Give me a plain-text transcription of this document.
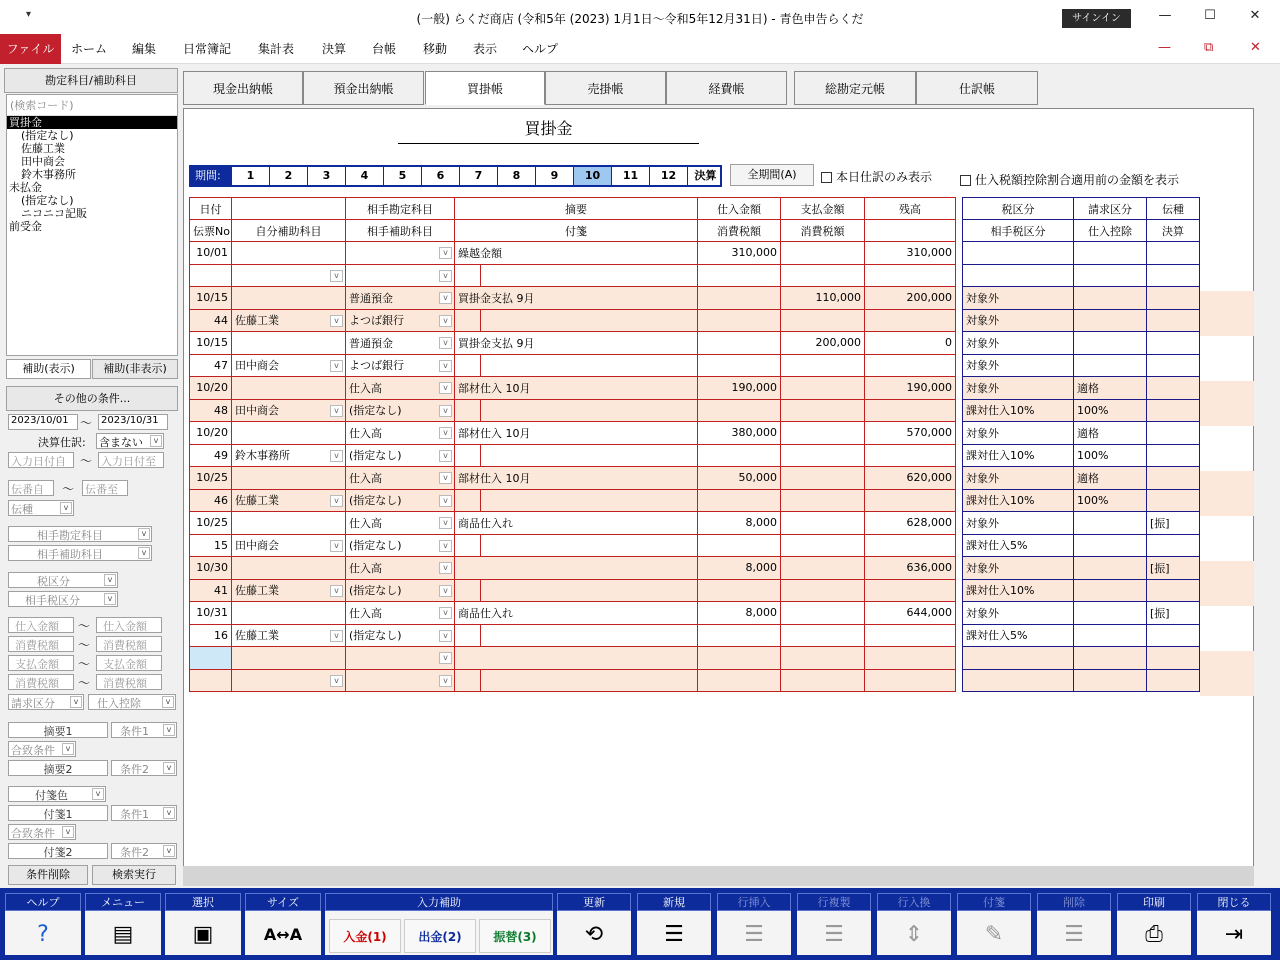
▾	(一般) らくだ商店 (令和5年 (2023) 1月1日～令和5年12月31日) - 青色申告らくだ	サインイン	—	☐	✕
ファイル	ホーム	編集	日常簿記	集計表	決算	台帳	移動	表示	ヘルプ	—	⧉	✕
勘定科目/補助科目
(検索コード)
買掛金
(指定なし)
佐藤工業
田中商会
鈴木事務所
未払金
(指定なし)
ニコニコ記販
前受金
補助(表示)	補助(非表示)
その他の条件...
2023/10/01 ～ 2023/10/31
決算仕訳: 含まない	v
入力日付自	～ 入力日付至
伝番自	～ 伝番至
伝種	v
相手勘定科目	v
相手補助科目	v
税区分	v
相手税区分	v
仕入金額	～	仕入金額
消費税額	～	消費税額
支払金額	～	支払金額
消費税額	～	消費税額
請求区分	v	仕入控除	v
摘要1	条件1	v
合致条件	v
摘要2	条件2	v
付箋色	v
付箋1	条件1	v
合致条件	v
付箋2	条件2	v
条件削除	検索実行
現金出納帳	預金出納帳	買掛帳	売掛帳	経費帳	総勘定元帳	仕訳帳
買掛金
期間:	1	2	3	4	5	6	7	8	9	10	11	12	決算	全期間(A)	本日仕訳のみ表示	仕入税額控除割合適用前の金額を表示
日付		相手勘定科目	摘要		仕入金額	支払金額	残高
伝票No	自分補助科目	相手補助科目	付箋		消費税額	消費税額	
10/01		v	繰越金額		310,000		310,000

	v	v					

10/15		普通預金 v	買掛金支払 9月			110,000	200,000
44	佐藤工業 v	よつば銀行 v					

10/15		普通預金 v	買掛金支払 9月			200,000	0
47	田中商会 v	よつば銀行 v					

10/20		仕入高 v	部材仕入 10月		190,000		190,000
48	田中商会 v	(指定なし) v					

10/20		仕入高 v	部材仕入 10月		380,000		570,000
49	鈴木事務所 v	(指定なし) v					

10/25		仕入高 v	部材仕入 10月		50,000		620,000
46	佐藤工業 v	(指定なし) v					

10/25		仕入高 v	商品仕入れ		8,000		628,000
15	田中商会 v	(指定なし) v					

10/30		仕入高 v			8,000		636,000
41	佐藤工業 v	(指定なし) v					

10/31		仕入高 v	商品仕入れ		8,000		644,000
16	佐藤工業 v	(指定なし) v					

		v					

	v	v					

税区分	請求区分	伝種
相手税区分	仕入控除	決算

対象外		
対象外		
対象外		
対象外		
対象外	適格	
課対仕入10%	100%	
対象外	適格	
課対仕入10%	100%	
対象外	適格	
課対仕入10%	100%	
対象外		[振]
課対仕入5%		
対象外		[振]
課対仕入10%		
対象外		[振]
課対仕入5%		

ヘルプ
?
メニュー
▤
選択
▣
サイズ
A↔A
入力補助
入金(1)	出金(2)	振替(3)
更新
⟲
新規
☰
行挿入
☰
行複製
☰
行入換
⇕
付箋
✎
削除
☰
印刷
⎙
閉じる
⇥
